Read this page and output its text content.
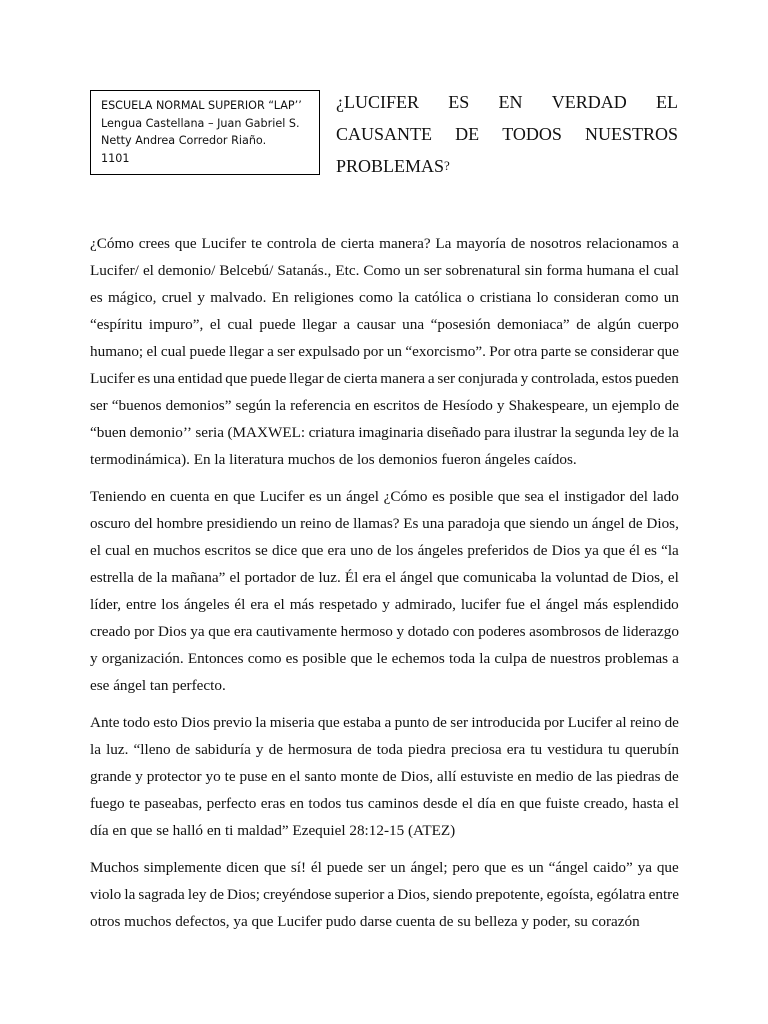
ESCUELA NORMAL SUPERIOR “LAP’’
Lengua Castellana – Juan Gabriel S.
Netty Andrea Corredor Riaño.
1101
¿LUCIFER ES EN VERDAD EL
CAUSANTE DE TODOS NUESTROS
PROBLEMAS ?
¿Cómo crees que Lucifer te controla de cierta manera? La mayoría de nosotros relacionamos a
Lucifer/ el demonio/ Belcebú/ Satanás., Etc. Como un ser sobrenatural sin forma humana el cual
es mágico, cruel y malvado. En religiones como la católica o cristiana lo consideran como un
“espíritu impuro”, el cual puede llegar a causar una “posesión demoniaca” de algún cuerpo
humano; el cual puede llegar a ser expulsado por un “exorcismo”. Por otra parte se considerar que
Lucifer es una entidad que puede llegar de cierta manera a ser conjurada y controlada, estos pueden
ser “buenos demonios” según la referencia en escritos de Hesíodo y Shakespeare, un ejemplo de
“buen demonio’’ seria (MAXWEL: criatura imaginaria diseñado para ilustrar la segunda ley de la
termodinámica). En la literatura muchos de los demonios fueron ángeles caídos.
Teniendo en cuenta en que Lucifer es un ángel ¿Cómo es posible que sea el instigador del lado
oscuro del hombre presidiendo un reino de llamas? Es una paradoja que siendo un ángel de Dios,
el cual en muchos escritos se dice que era uno de los ángeles preferidos de Dios ya que él es “la
estrella de la mañana” el portador de luz. Él era el ángel que comunicaba la voluntad de Dios, el
líder, entre los ángeles él era el más respetado y admirado, lucifer fue el ángel más esplendido
creado por Dios ya que era cautivamente hermoso y dotado con poderes asombrosos de liderazgo
y organización. Entonces como es posible que le echemos toda la culpa de nuestros problemas a
ese ángel tan perfecto.
Ante todo esto Dios previo la miseria que estaba a punto de ser introducida por Lucifer al reino de
la luz. “lleno de sabiduría y de hermosura de toda piedra preciosa era tu vestidura tu querubín
grande y protector yo te puse en el santo monte de Dios, allí estuviste en medio de las piedras de
fuego te paseabas, perfecto eras en todos tus caminos desde el día en que fuiste creado, hasta el
día en que se halló en ti maldad” Ezequiel 28:12-15 (ATEZ)
Muchos simplemente dicen que sí! él puede ser un ángel; pero que es un “ángel caido” ya que
violo la sagrada ley de Dios; creyéndose superior a Dios, siendo prepotente, egoísta, ególatra entre
otros muchos defectos, ya que Lucifer pudo darse cuenta de su belleza y poder, su corazón
